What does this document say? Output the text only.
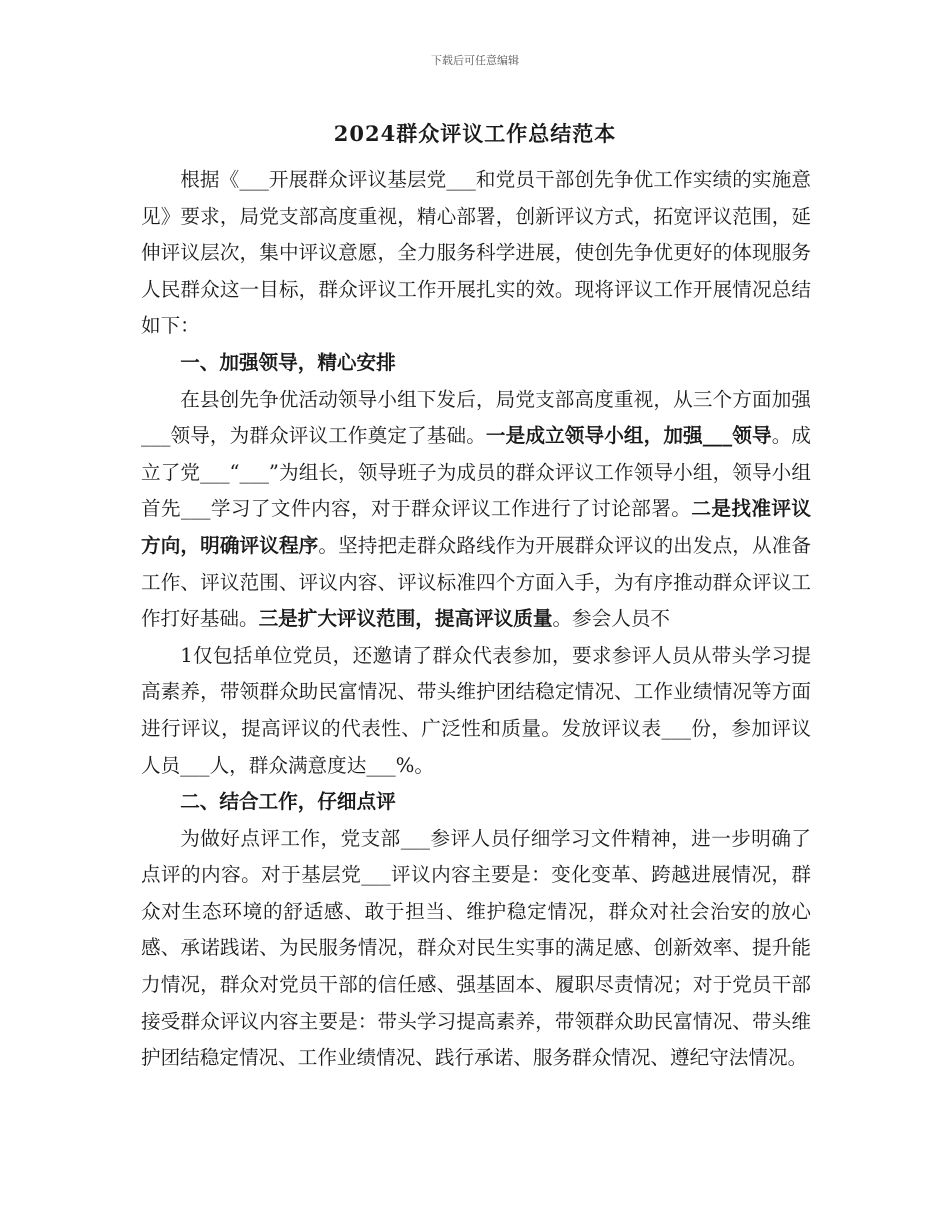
下载后可任意编辑
2024群众评议工作总结范本

根据《___开展群众评议基层党___和党员干部创先争优工作实绩的实施意见》要求，局党支部高度重视，精心部署，创新评议方式，拓宽评议范围，延伸评议层次，集中评议意愿，全力服务科学进展，使创先争优更好的体现服务人民群众这一目标，群众评议工作开展扎实的效。现将评议工作开展情况总结如下：

一、加强领导，精心安排

在县创先争优活动领导小组下发后，局党支部高度重视，从三个方面加强___领导，为群众评议工作奠定了基础。一是成立领导小组，加强___领导。成立了党___“___”为组长，领导班子为成员的群众评议工作领导小组，领导小组首先___学习了文件内容，对于群众评议工作进行了讨论部署。二是找准评议方向，明确评议程序。坚持把走群众路线作为开展群众评议的出发点，从准备工作、评议范围、评议内容、评议标准四个方面入手，为有序推动群众评议工作打好基础。三是扩大评议范围，提高评议质量。参会人员不

1仅包括单位党员，还邀请了群众代表参加，要求参评人员从带头学习提高素养，带领群众助民富情况、带头维护团结稳定情况、工作业绩情况等方面进行评议，提高评议的代表性、广泛性和质量。发放评议表___份，参加评议人员___人，群众满意度达___%。

二、结合工作，仔细点评

为做好点评工作，党支部___参评人员仔细学习文件精神，进一步明确了点评的内容。对于基层党___评议内容主要是：变化变革、跨越进展情况，群众对生态环境的舒适感、敢于担当、维护稳定情况，群众对社会治安的放心感、承诺践诺、为民服务情况，群众对民生实事的满足感、创新效率、提升能力情况，群众对党员干部的信任感、强基固本、履职尽责情况；对于党员干部接受群众评议内容主要是：带头学习提高素养，带领群众助民富情况、带头维护团结稳定情况、工作业绩情况、践行承诺、服务群众情况、遵纪守法情况。
